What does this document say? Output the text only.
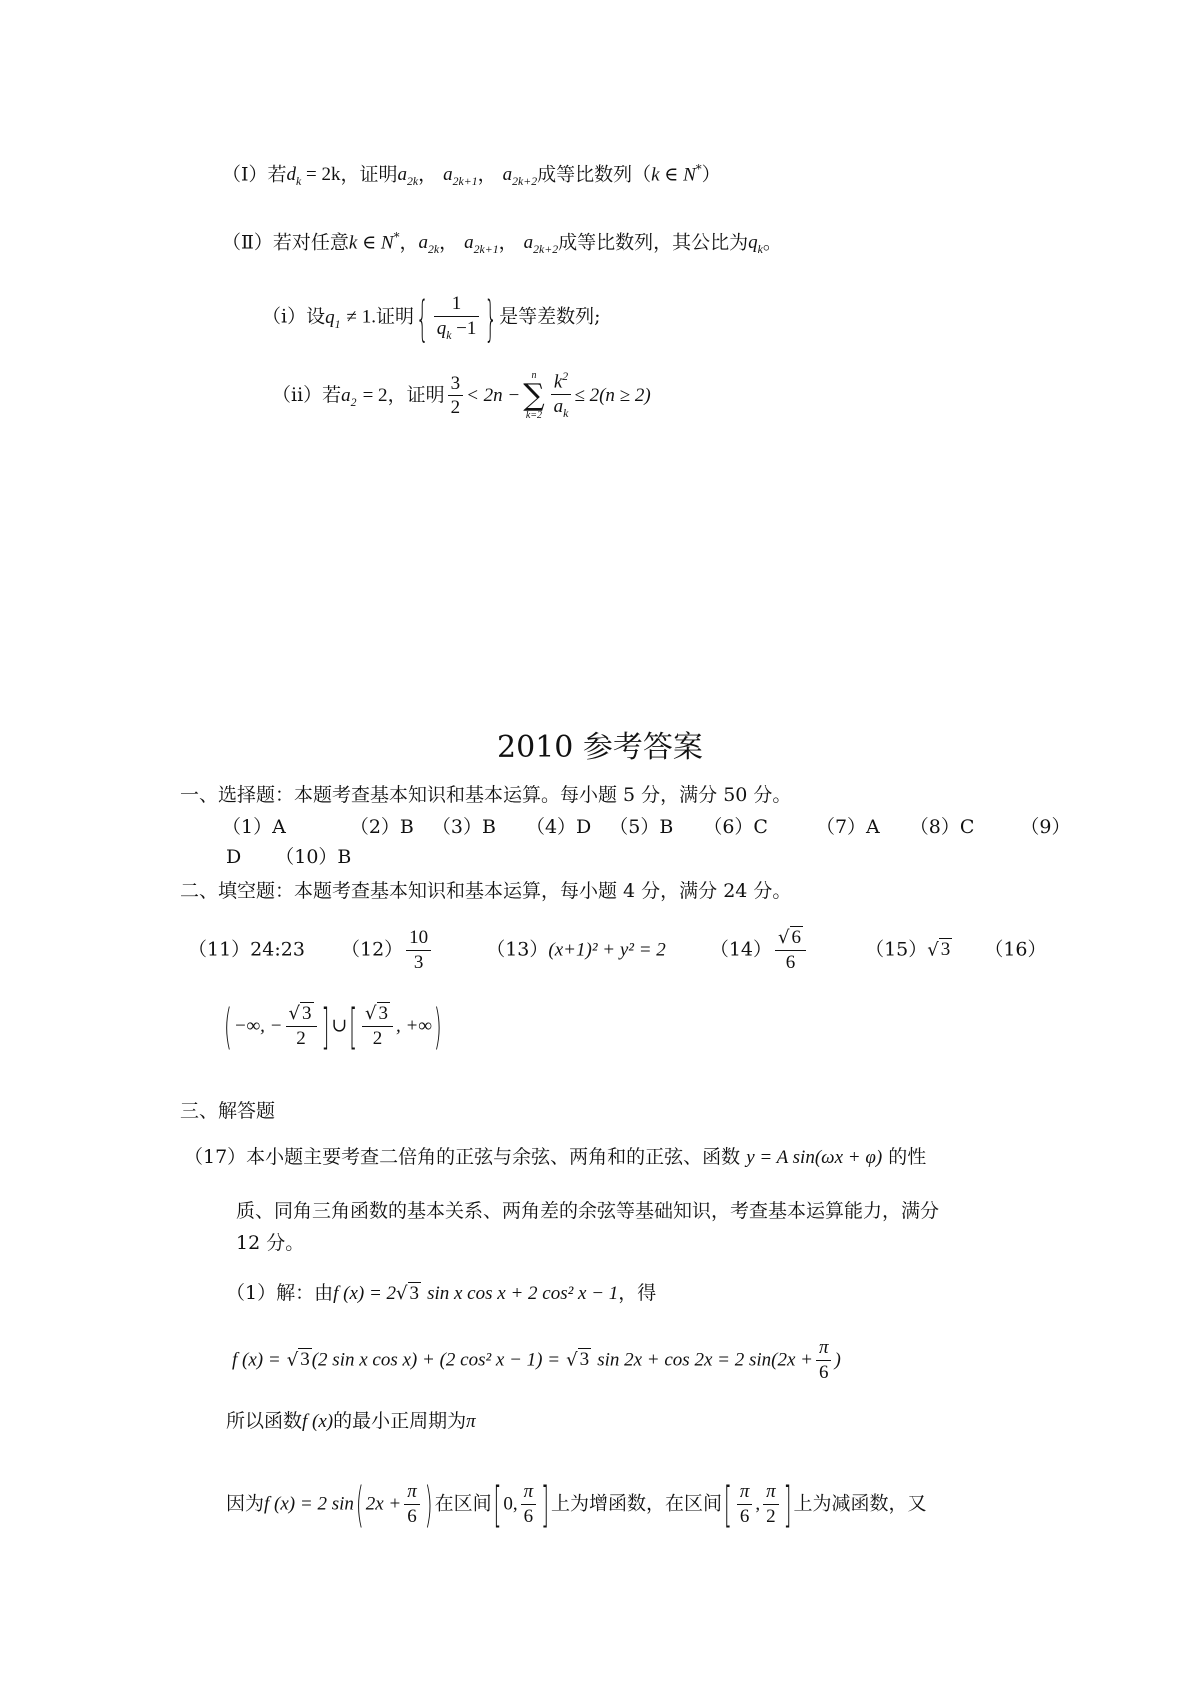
（Ⅰ）若$d_k = 2k$，证明$a_{2k}$， $a_{2k+1}$， $a_{2k+2}$成等比数列（k ∈ N*）
（Ⅱ）若对任意k ∈ N*，$a_{2k}$， $a_{2k+1}$， $a_{2k+2}$成等比数列，其公比为$q_k$。
（i）设$q_1 \ne 1$.证明 { $\frac{1}{q_k -1}$ } 是等差数列;
（ii）若$a_2 = 2$，证明 $\frac{3}{2} < 2n$ −
n
∑
$k=2 \frac{k^2}{a_k} \le 2(n \ge 2)$
2010 参考答案
一、选择题：本题考查基本知识和基本运算。每小题 5 分，满分 50 分。
（1）A	（2）B （3）B （4）D （5）B （6）C	（7）A （8）C （9）
D （10）B
二、填空题：本题考查基本知识和基本运算，每小题 4 分，满分 24 分。
（11）24:23 $(12) \frac{10}{3}$	（13）(x+1)² + y² = 2 $(14) \frac{√ 6}{6}$	（15）√ 3 （16）
( −∞, − $\frac{√ 3}{2}$ ] ∪ [ $\frac{√ 3}{2}$ , +∞ )
三、解答题
（17）本小题主要考查二倍角的正弦与余弦、两角和的正弦、函数 y = A sin(ωx + φ) 的性
质、同角三角函数的基本关系、两角差的余弦等基础知识，考查基本运算能力，满分
12 分。
（1）解：由f (x) = 2√ 3 sin x cos x + 2 cos² x − 1，得
f (x) = √ 3 (2 sin x cos x) + (2 cos² x − 1) = √ 3 sin 2x + cos 2x = 2 $\sin(2x + \frac{\pi}{6}$ )
所以函数f (x)的最小正周期为π
因为f (x) = 2 sin ( $2x + \frac{\pi}{6}$ ) 在区间 [ 0, $\frac{\pi}{6}$ ] 上为增函数，在区间 [ $\frac{\pi}{6}$ , $\frac{\pi}{2}$ ] 上为减函数，又
